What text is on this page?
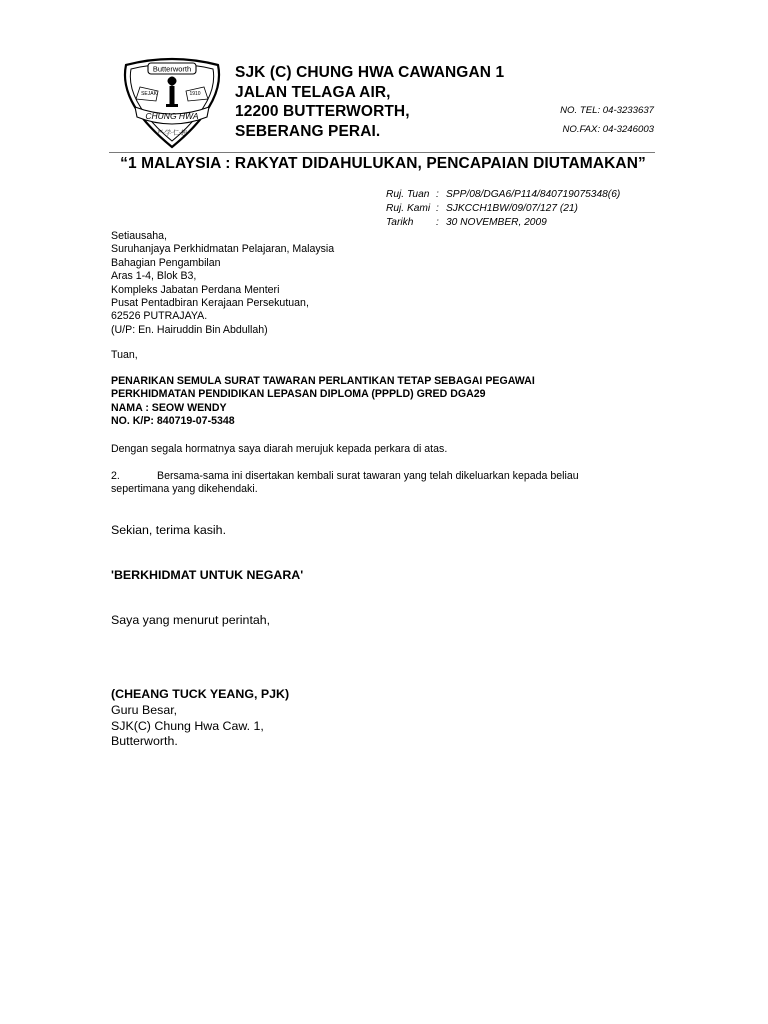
Butterworth
SEJAK	1910
CHUNG HWA
严·学·仁·恕
SJK (C) CHUNG HWA CAWANGAN 1
JALAN TELAGA AIR,
12200 BUTTERWORTH,
SEBERANG PERAI.
NO. TEL: 04-3233637
NO.FAX: 04-3246003
“1 MALAYSIA : RAKYAT DIDAHULUKAN, PENCAPAIAN DIUTAMAKAN”
Ruj. Tuan : SPP/08/DGA6/P114/840719075348(6)
Ruj. Kami : SJKCCH1BW/09/07/127 (21)
Tarikh : 30 NOVEMBER, 2009
Setiausaha,
Suruhanjaya Perkhidmatan Pelajaran, Malaysia
Bahagian Pengambilan
Aras 1-4, Blok B3,
Kompleks Jabatan Perdana Menteri
Pusat Pentadbiran Kerajaan Persekutuan,
62526 PUTRAJAYA.
(U/P: En. Hairuddin Bin Abdullah)
Tuan,
PENARIKAN SEMULA SURAT TAWARAN PERLANTIKAN TETAP SEBAGAI PEGAWAI
PERKHIDMATAN PENDIDIKAN LEPASAN DIPLOMA (PPPLD) GRED DGA29
NAMA : SEOW WENDY
NO. K/P: 840719-07-5348
Dengan segala hormatnya saya diarah merujuk kepada perkara di atas.
2.	Bersama-sama ini disertakan kembali surat tawaran yang telah dikeluarkan kepada beliau
sepertimana yang dikehendaki.
Sekian, terima kasih.
'BERKHIDMAT UNTUK NEGARA'
Saya yang menurut perintah,
(CHEANG TUCK YEANG, PJK)
Guru Besar,
SJK(C) Chung Hwa Caw. 1,
Butterworth.
